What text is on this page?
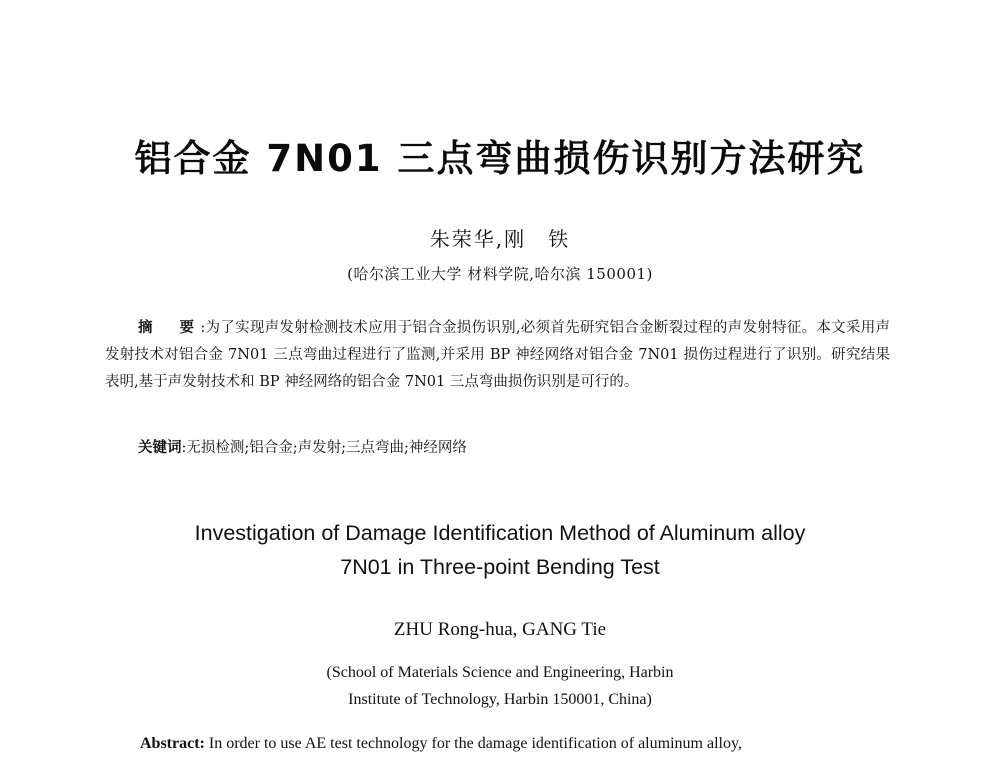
铝合金 7N01 三点弯曲损伤识别方法研究
朱荣华,刚　铁
(哈尔滨工业大学 材料学院,哈尔滨 150001)
摘　要:为了实现声发射检测技术应用于铝合金损伤识别,必须首先研究铝合金断裂过程的声发射特征。本文采用声发射技术对铝合金 7N01 三点弯曲过程进行了监测,并采用 BP 神经网络对铝合金 7N01 损伤过程进行了识别。研究结果表明,基于声发射技术和 BP 神经网络的铝合金 7N01 三点弯曲损伤识别是可行的。
关键词:无损检测;铝合金;声发射;三点弯曲;神经网络
Investigation of Damage Identification Method of Aluminum alloy
7N01 in Three-point Bending Test
ZHU Rong-hua, GANG Tie
(School of Materials Science and Engineering, Harbin
Institute of Technology, Harbin 150001, China)
Abstract: In order to use AE test technology for the damage identification of aluminum alloy,
